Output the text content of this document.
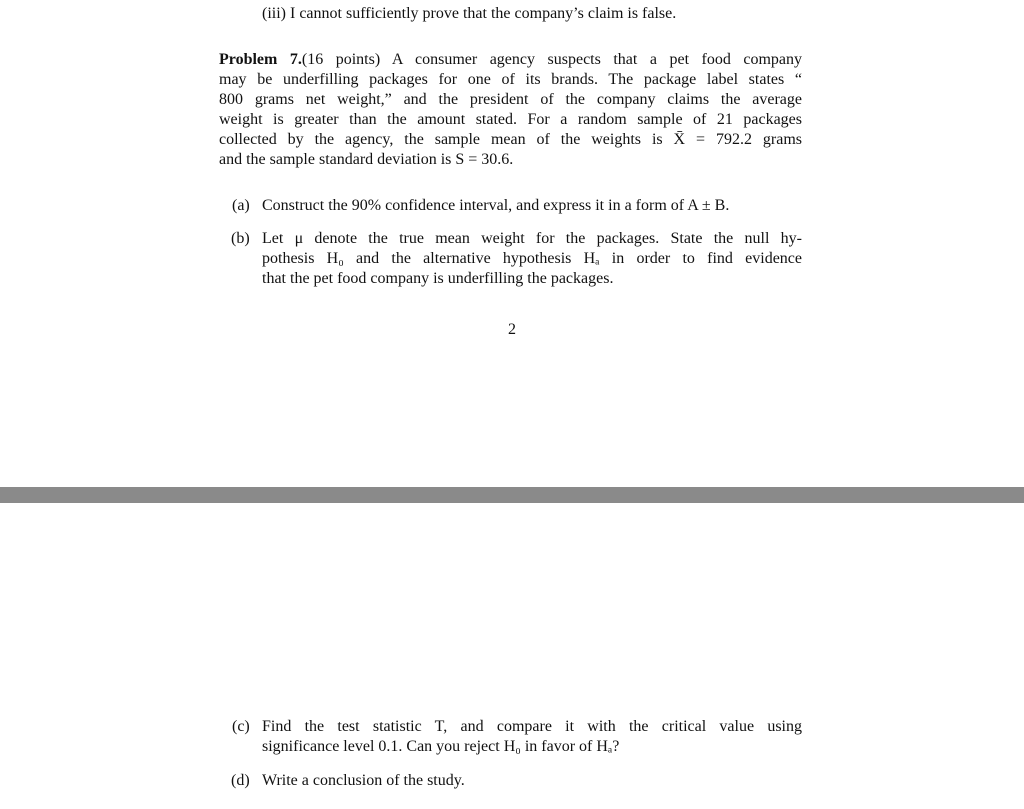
(iii) I cannot sufficiently prove that the company’s claim is false.
Problem 7.(16 points) A consumer agency suspects that a pet food company
may be underfilling packages for one of its brands. The package label states “
800 grams net weight,” and the president of the company claims the average
weight is greater than the amount stated. For a random sample of 21 packages
collected by the agency, the sample mean of the weights is X̄ = 792.2 grams
and the sample standard deviation is S = 30.6.
(a) Construct the 90% confidence interval, and express it in a form of A ± B.
(b) Let μ denote the true mean weight for the packages. State the null hy-
pothesis H₀ and the alternative hypothesis Hₐ in order to find evidence
that the pet food company is underfilling the packages.
2
(c) Find the test statistic T, and compare it with the critical value using
significance level 0.1. Can you reject H₀ in favor of Hₐ?
(d) Write a conclusion of the study.
